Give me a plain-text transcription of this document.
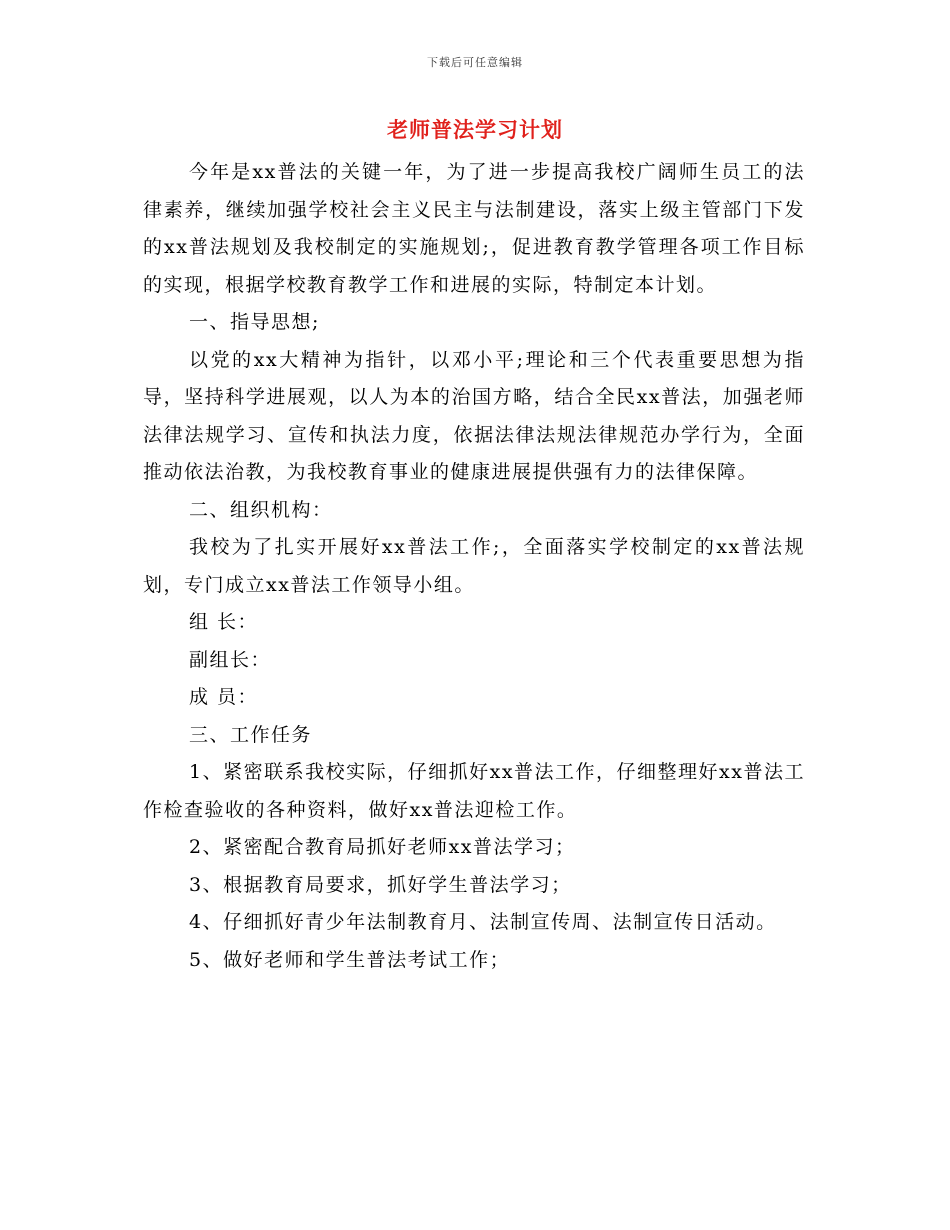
下载后可任意编辑
老师普法学习计划

今年是xx普法的关键一年，为了进一步提高我校广阔师生员工的法律素养，继续加强学校社会主义民主与法制建设，落实上级主管部门下发的xx普法规划及我校制定的实施规划;，促进教育教学管理各项工作目标的实现，根据学校教育教学工作和进展的实际，特制定本计划。

一、指导思想;

以党的xx大精神为指针，以邓小平;理论和三个代表重要思想为指导，坚持科学进展观，以人为本的治国方略，结合全民xx普法，加强老师法律法规学习、宣传和执法力度，依据法律法规法律规范办学行为，全面推动依法治教，为我校教育事业的健康进展提供强有力的法律保障。

二、组织机构：

我校为了扎实开展好xx普法工作;，全面落实学校制定的xx普法规划，专门成立xx普法工作领导小组。

组 长：

副组长：

成 员：

三、工作任务

1、紧密联系我校实际，仔细抓好xx普法工作，仔细整理好xx普法工作检查验收的各种资料，做好xx普法迎检工作。

2、紧密配合教育局抓好老师xx普法学习；

3、根据教育局要求，抓好学生普法学习；

4、仔细抓好青少年法制教育月、法制宣传周、法制宣传日活动。

5、做好老师和学生普法考试工作；
